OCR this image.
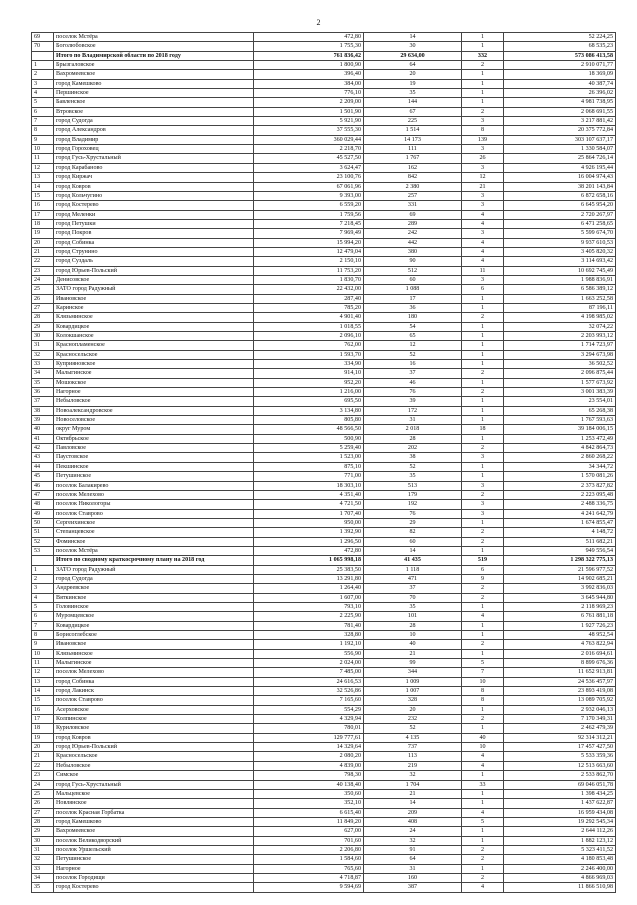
2
69	поселок Мстёра	472,80	14	1	52 224,25
70	Боголюбовское	1 755,30	30	1	68 535,23
	Итого по Владимирской области по 2018 году	761 836,42	29 634,00	332	573 086 413,58
1	Брызгаловское	1 800,90	64	2	2 910 071,77
2	Вахромеевское	396,40	20	1	18 369,09
3	город Камешково	384,00	19	1	40 387,74
4	Першинское	776,10	35	1	26 396,02
5	Бавленское	2 209,00	144	1	4 981 738,95
6	Втровское	1 501,90	67	2	2 068 691,55
7	город Судогда	5 921,90	225	3	3 217 881,42
8	город Александров	37 555,30	1 514	8	20 375 772,84
9	город Владимир	360 029,44	14 173	139	303 107 637,17
10	город Гороховец	2 218,70	111	3	1 330 584,07
11	город Гусь-Хрустальный	45 527,50	1 767	26	25 864 726,14
12	город Карабаново	3 624,47	162	3	4 926 195,44
13	город Киржач	23 100,76	842	12	16 004 974,43
14	город Ковров	67 061,96	2 380	21	38 201 143,84
15	город Кольчугино	9 393,00	257	3	6 872 658,16
16	город Костерево	6 559,20	331	3	6 645 954,20
17	город Меленки	1 759,56	69	4	2 720 267,97
18	город Петушки	7 218,45	289	4	6 471 258,65
19	город Покров	7 969,49	242	3	5 599 674,70
20	город Собинка	15 994,20	442	4	9 937 610,53
21	город Струнино	12 479,04	380	4	3 405 820,32
22	город Суздаль	2 150,10	90	4	3 114 693,42
23	город Юрьев-Польский	11 753,20	512	11	10 692 745,49
24	Денисовское	1 830,70	60	3	1 988 836,91
25	ЗАТО город Радужный	22 432,00	1 088	6	6 586 389,12
26	Ивановское	287,40	17	1	1 663 252,58
27	Каринское	785,20	36	1	87 196,11
28	Клязьминское	4 901,40	180	2	4 198 985,02
29	Ковардицкое	1 018,55	54	1	32 074,22
30	Колокшанское	2 096,10	65	1	2 203 993,12
31	Краснопламенское	762,00	12	1	1 714 723,97
32	Красносельское	1 593,70	52	1	3 294 673,98
33	Куприяновское	334,90	16	1	36 502,52
34	Малыгинское	914,10	37	2	2 096 875,44
35	Мошокское	952,20	46	1	1 577 673,92
36	Нагорное	1 216,00	76	2	3 001 383,39
37	Небыловское	695,50	39	1	23 554,01
38	Новоалександровское	3 134,80	172	1	65 268,38
39	Новоселовское	805,80	31	1	1 767 593,63
40	округ Муром	48 566,50	2 018	18	39 184 006,15
41	Октябрьское	500,90	28	1	1 253 472,49
42	Павловское	5 259,40	202	2	4 842 864,73
43	Паустовское	1 523,00	38	3	2 860 268,22
44	Пекшинское	875,10	52	1	34 344,72
45	Петушинское	771,00	35	1	1 570 081,26
46	поселок Балакирево	18 303,10	513	3	2 373 827,82
47	поселок Мелехово	4 351,40	179	2	2 223 095,48
48	поселок Никологоры	4 721,50	192	3	2 488 336,75
49	поселок Ставрово	1 707,40	76	3	4 241 642,79
50	Сергеихинское	950,00	29	1	1 674 855,47
51	Степанцевское	1 392,90	82	2	4 148,72
52	Фоминское	1 296,50	60	2	511 682,21
53	поселок Мстёра	472,80	14	1	949 556,54
	Итого по сводному краткосрочному плану на 2018 год	1 065 998,18	41 435	519	1 298 322 775,13
1	ЗАТО город Радужный	25 383,50	1 118	6	21 596 977,52
2	город Судогда	13 291,80	471	9	14 902 685,21
3	Андреевское	1 264,40	37	2	3 992 836,03
4	Вяткинское	1 607,00	70	2	3 645 944,80
5	Головинское	793,10	35	1	2 118 969,23
6	Муромцевское	2 225,90	101	4	6 761 881,18
7	Ковардицкое	781,40	28	1	1 927 726,23
8	Борисоглебское	328,80	10	1	48 952,54
9	Ивановское	1 192,10	40	2	4 763 822,94
10	Клязьминское	556,90	21	1	2 016 694,61
11	Малыгинское	2 024,00	99	5	8 899 676,36
12	поселок Мелехово	7 485,00	344	7	11 652 913,81
13	город Собинка	24 616,53	1 009	10	24 536 457,97
14	город Лакинск	32 526,86	1 007	8	23 893 419,08
15	поселок Ставрово	7 165,60	328	8	13 089 705,92
16	Асерховское	554,29	20	1	2 932 046,13
17	Колпинское	4 329,94	232	2	7 170 349,31
18	Куриловское	780,01	52	1	2 462 479,39
19	город Ковров	129 777,61	4 135	40	92 314 312,21
20	город Юрьев-Польский	14 329,64	737	10	17 457 427,50
21	Красносельское	2 080,20	113	4	5 533 359,36
22	Небыловское	4 839,00	219	4	12 513 663,60
23	Симское	798,30	32	1	2 533 862,70
24	город Гусь-Хрустальный	40 138,40	1 704	33	69 046 051,78
25	Мальцевское	350,60	21	1	1 398 434,25
26	Новлянское	352,10	14	1	1 437 622,87
27	поселок Красная Горбатка	6 615,40	209	4	16 959 434,08
28	город Камешково	11 849,20	408	5	19 292 545,34
29	Вахромеевское	627,00	24	1	2 644 112,26
30	поселок Великодворский	701,60	32	1	1 882 123,12
31	поселок Уршельский	2 206,80	91	2	5 323 411,52
32	Петушинское	1 584,60	64	2	4 180 853,48
33	Нагорное	765,60	31	1	2 246 400,00
34	поселок Городищи	4 718,87	160	2	4 866 969,03
35	город Костерево	9 594,69	387	4	11 866 510,98
